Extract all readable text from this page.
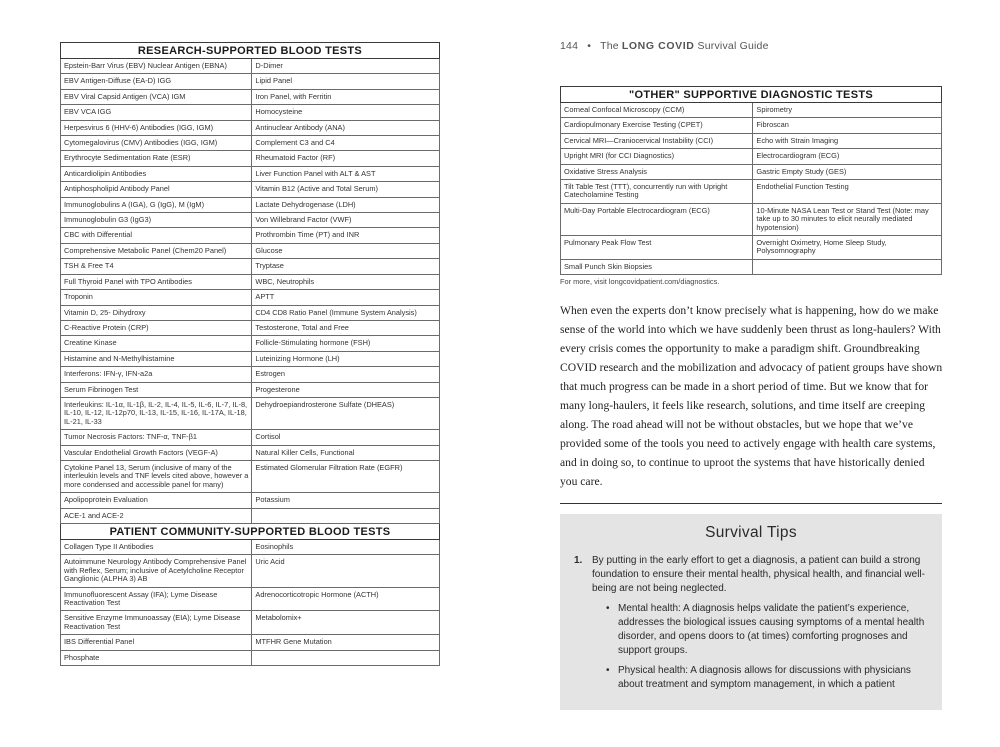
RESEARCH-SUPPORTED BLOOD TESTS	
Epstein-Barr Virus (EBV) Nuclear Antigen (EBNA)	D-Dimer
EBV Antigen-Diffuse (EA-D) IGG	Lipid Panel
EBV Viral Capsid Antigen (VCA) IGM	Iron Panel, with Ferritin
EBV VCA IGG	Homocysteine
Herpesvirus 6 (HHV-6) Antibodies (IGG, IGM)	Antinuclear Antibody (ANA)
Cytomegalovirus (CMV) Antibodies (IGG, IGM)	Complement C3 and C4
Erythrocyte Sedimentation Rate (ESR)	Rheumatoid Factor (RF)
Anticardiolipin Antibodies	Liver Function Panel with ALT & AST
Antiphospholipid Antibody Panel	Vitamin B12 (Active and Total Serum)
Immunoglobulins A (IGA), G (IgG), M (IgM)	Lactate Dehydrogenase (LDH)
Immunoglobulin G3 (IgG3)	Von Willebrand Factor (VWF)
CBC with Differential	Prothrombin Time (PT) and INR
Comprehensive Metabolic Panel (Chem20 Panel)	Glucose
TSH & Free T4	Tryptase
Full Thyroid Panel with TPO Antibodies	WBC, Neutrophils
Troponin	APTT
Vitamin D, 25- Dihydroxy	CD4 CD8 Ratio Panel (Immune System Analysis)
C-Reactive Protein (CRP)	Testosterone, Total and Free
Creatine Kinase	Follicle-Stimulating hormone (FSH)
Histamine and N-Methylhistamine	Luteinizing Hormone (LH)
Interferons: IFN-γ, IFN-a2a	Estrogen
Serum Fibrinogen Test	Progesterone
Interleukins: IL-1α, IL-1β, IL-2, IL-4, IL-5, IL-6, IL-7, IL-8, IL-10, IL-12, IL-12p70, IL-13, IL-15, IL-16, IL-17A, IL-18, IL-21, IL-33	Dehydroepiandrosterone Sulfate (DHEAS)
Tumor Necrosis Factors: TNF-α, TNF-β1	Cortisol
Vascular Endothelial Growth Factors (VEGF-A)	Natural Killer Cells, Functional
Cytokine Panel 13, Serum (inclusive of many of the interleukin levels and TNF levels cited above, however a more condensed and accessible panel for many)	Estimated Glomerular Filtration Rate (EGFR)
Apolipoprotein Evaluation	Potassium
ACE-1 and ACE-2	
PATIENT COMMUNITY-SUPPORTED BLOOD TESTS	
Collagen Type II Antibodies	Eosinophils
Autoimmune Neurology Antibody Comprehensive Panel with Reflex, Serum; inclusive of Acetylcholine Receptor Ganglionic (ALPHA 3) AB	Uric Acid
Immunofluorescent Assay (IFA); Lyme Disease Reactivation Test	Adrenocorticotropic Hormone (ACTH)
Sensitive Enzyme Immunoassay (EIA); Lyme Disease Reactivation Test	Metabolomix+
IBS Differential Panel	MTFHR Gene Mutation
Phosphate	
144 • The LONG COVID Survival Guide
"OTHER" SUPPORTIVE DIAGNOSTIC TESTS	
Corneal Confocal Microscopy (CCM)	Spirometry
Cardiopulmonary Exercise Testing (CPET)	Fibroscan
Cervical MRI—Craniocervical Instability (CCI)	Echo with Strain Imaging
Upright MRI (for CCI Diagnostics)	Electrocardiogram (ECG)
Oxidative Stress Analysis	Gastric Empty Study (GES)
Tilt Table Test (TTT), concurrently run with Upright Catecholamine Testing	Endothelial Function Testing
Multi-Day Portable Electrocardiogram (ECG)	10-Minute NASA Lean Test or Stand Test (Note: may take up to 30 minutes to elicit neurally mediated hypotension)
Pulmonary Peak Flow Test	Overnight Oximetry, Home Sleep Study, Polysomnography
Small Punch Skin Biopsies	
For more, visit longcovidpatient.com/diagnostics.

When even the experts don’t know precisely what is happening, how do we make sense of the world into which we have suddenly been thrust as long-haulers? With every crisis comes the opportunity to make a paradigm shift. Groundbreaking COVID research and the mobilization and advocacy of patient groups have shown that much progress can be made in a short period of time. But we know that for many long-haulers, it feels like research, solutions, and time itself are creeping along. The road ahead will not be without obstacles, but we hope that we’ve provided some of the tools you need to actively engage with health care systems, and in doing so, to continue to uproot the systems that have historically denied you care.

Survival Tips
1. By putting in the early effort to get a diagnosis, a patient can build a strong foundation to ensure their mental health, physical health, and financial well-being are not being neglected.
• Mental health: A diagnosis helps validate the patient’s experience, addresses the biological issues causing symptoms of a mental health disorder, and opens doors to (at times) comforting prognoses and support groups.
• Physical health: A diagnosis allows for discussions with physicians about treatment and symptom management, in which a patient
